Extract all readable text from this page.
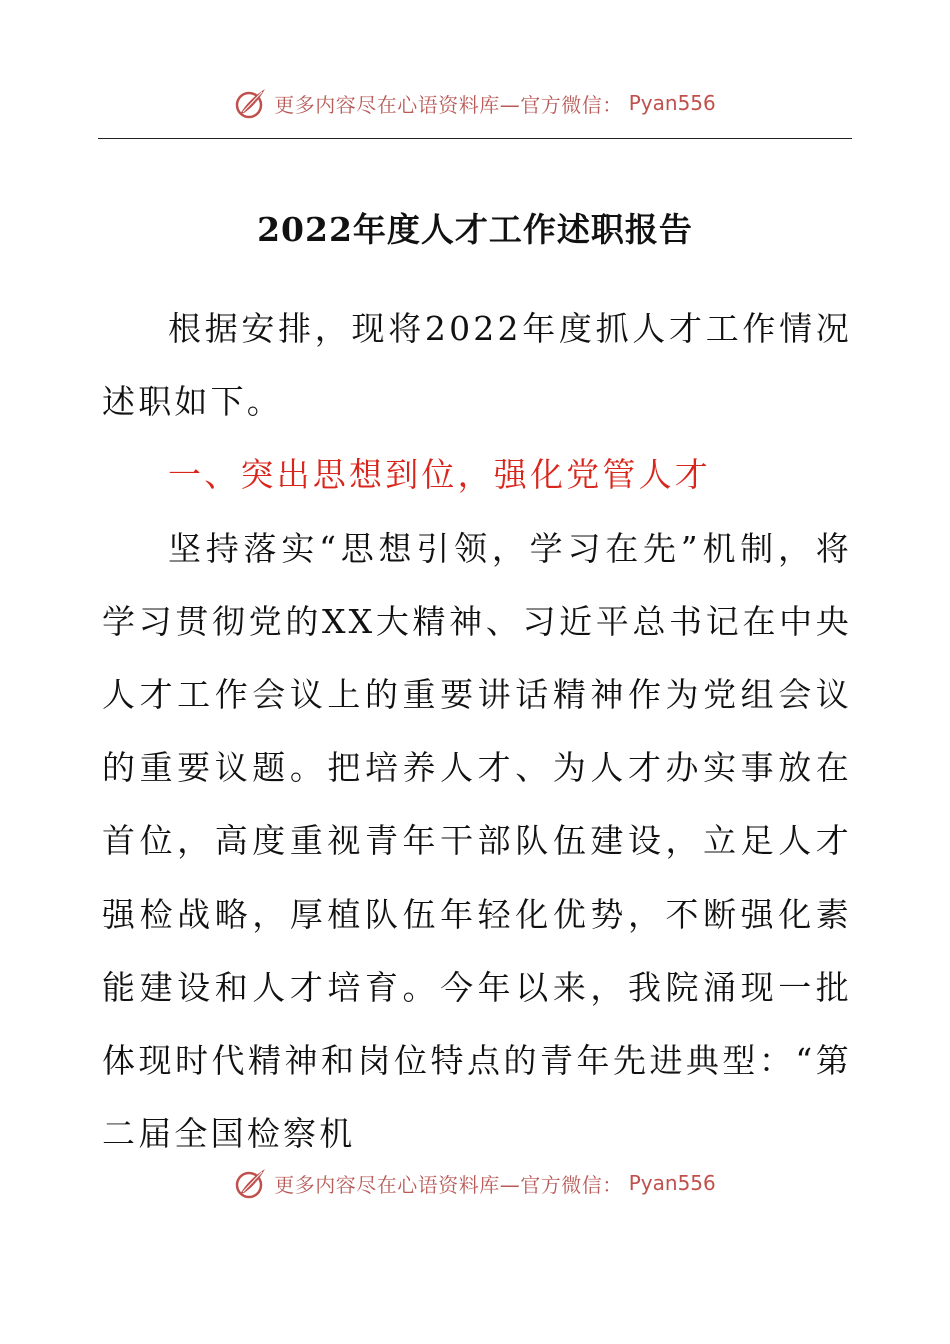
更多内容尽在心语资料库—官方微信： Pyan556
2022年度人才工作述职报告

根据安排，现将2022年度抓人才工作情况述职如下。

一、突出思想到位，强化党管人才

坚持落实“思想引领，学习在先”机制，将学习贯彻党的XX大精神、习近平总书记在中央人才工作会议上的重要讲话精神作为党组会议的重要议题。把培养人才、为人才办实事放在首位，高度重视青年干部队伍建设，立足人才强检战略，厚植队伍年轻化优势，不断强化素能建设和人才培育。今年以来，我院涌现一批体现时代精神和岗位特点的青年先进典型：“第二届全国检察机

更多内容尽在心语资料库—官方微信： Pyan556
